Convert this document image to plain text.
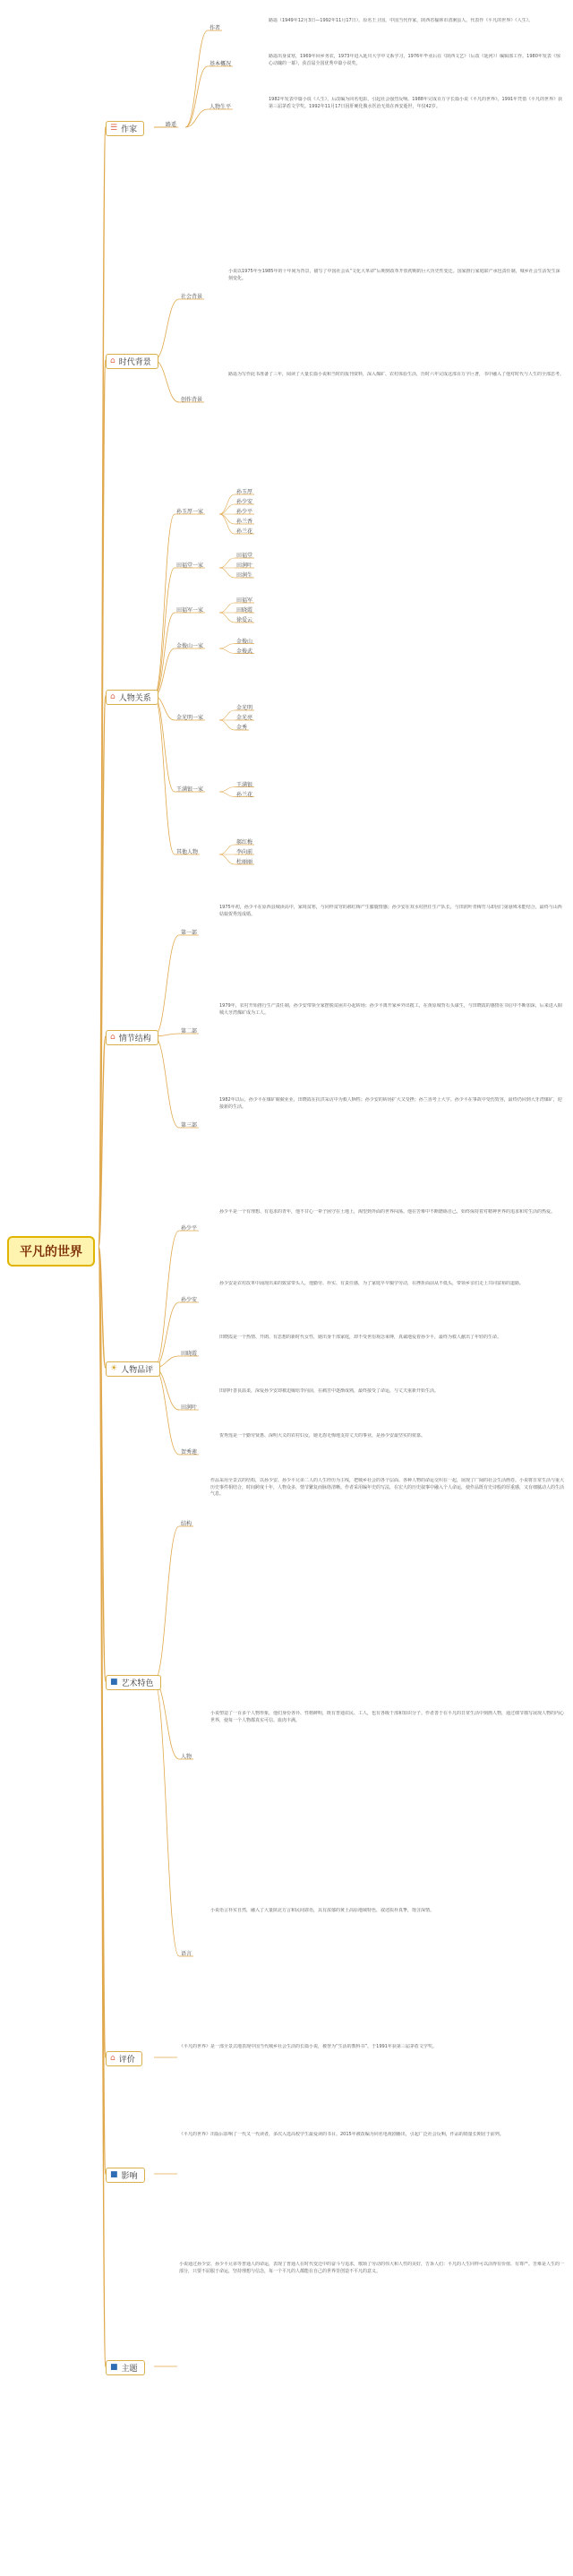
平凡的世界
☰ 作家
⌂ 时代背景
⌂ 人物关系
⌂ 情节结构
☀ 人物品评
■ 艺术特色
⌂ 评价
■ 影响
■ 主题
路遥
作者
路遥（1949年12月3日—1992年11月17日），原名王卫国，中国当代作家，陕西省榆林市清涧县人。代表作《平凡的世界》《人生》。
基本概况
路遥出身贫寒，1969年回乡务农，1973年进入延川大学中文系学习，1976年毕业后在《陕西文艺》（后改《延河》）编辑部工作。1980年发表《惊心动魄的一幕》，获首届全国优秀中篇小说奖。
人物生平
1982年发表中篇小说《人生》，后改编为同名电影，引起社会强烈反响。1988年完成百万字长篇小说《平凡的世界》。1991年凭借《平凡的世界》获第三届茅盾文学奖。1992年11月17日因肝硬化腹水医治无效在西安逝世，年仅42岁。
社会背景
小说以1975年至1985年的十年间为背景，描写了中国社会从“文化大革命”后期到改革开放初期的巨大历史性变迁。国家推行家庭联产承包责任制，城乡社会生活发生深刻变化。
创作背景
路遥为写作此书准备了三年，阅读了大量长篇小说和当时的报刊资料，深入煤矿、农村体验生活，历时六年完成这部百万字巨著，书中融入了他对时代与人生的全部思考。
孙玉厚一家
孙玉厚
孙少安
孙少平
孙兰香
孙兰花
田福堂一家
田福堂
田润叶
田润生
田福军一家
田福军
田晓霞
徐爱云
金俊山一家
金俊山
金俊武
金光明一家
金光明
金光亮
金秀
王满银一家
王满银
孙兰花
其他人物
郝红梅
李向前
杜丽丽
第一部
1975年初，孙少平在原西县城读高中，家境贫寒，与同样贫穷的郝红梅产生朦胧情感；孙少安在双水村担任生产队长，与田润叶青梅竹马却因门第悬殊未能结合，最终与山西姑娘贺秀莲成婚。
第二部
1979年，农村开始推行生产责任制，孙少安带领全家摆脱贫困并办起砖场；孙少平离开家乡外出揽工，在黄原城背石头谋生，与田晓霞的感情在书信中不断加深，后来进入铜城大牙湾煤矿成为工人。
第三部
1982年以后，孙少平在煤矿兢兢业业，田晓霞在抗洪采访中为救人牺牲；孙少安的砖场扩大又受挫；孙兰香考上大学。孙少平在事故中受伤毁容，最终仍回到大牙湾煤矿，迎接新的生活。
孙少平
孙少平是一个有理想、有追求的青年，他不甘心一辈子困守在土地上，渴望到外面的世界闯荡。他在苦难中不断磨砺自己，始终保持着对精神世界的追求和对生活的热爱。
孙少安
孙少安是农村改革中涌现出来的致富带头人，他勤劳、朴实、有责任感，为了家庭早早辍学劳动，在挫折面前从不低头，带领乡亲们走上共同富裕的道路。
田晓霞
田晓霞是一个热情、开朗、有思想的新时代女性，她出身干部家庭，却不受世俗观念束缚，真诚地爱着孙少平，最终为救人献出了年轻的生命。
田润叶
田润叶善良温柔，深爱孙少安却被迫嫁给李向前，在痛苦中逐渐成熟，最终接受了命运，与丈夫重新开始生活。
贺秀莲
贺秀莲是一个勤劳贤惠、深明大义的农村妇女，她无怨无悔地支持丈夫的事业，是孙少安最坚实的依靠。
结构
作品采用全景式的结构，以孙少安、孙少平兄弟二人的人生经历为主线，把城乡社会的各个层面、各种人物的命运交织在一起，展现了广阔的社会生活画卷。小说将日常生活与重大历史事件相结合，时间跨度十年，人物众多，情节繁复而脉络清晰。作者采用编年史的写法，在宏大的历史叙事中融入个人命运，使作品既有史诗般的厚重感，又有细腻动人的生活气息。
人物
小说塑造了一百多个人物形象，他们身份各异、性格鲜明，既有普通农民、工人，也有各级干部和知识分子。作者善于在平凡的日常生活中刻画人物，通过细节描写展现人物的内心世界，使每一个人物都真实可信、血肉丰满。
语言
小说语言朴实自然，融入了大量陕北方言和民间谚语，具有浓郁的黄土高原地域特色，叙述质朴真挚，饱含深情。
《平凡的世界》是一部全景式地表现中国当代城乡社会生活的长篇小说，被誉为“生活的教科书”，于1991年获第三届茅盾文学奖。
《平凡的世界》出版后影响了一代又一代读者，多次入选高校学生最爱读的书目。2015年被改编为同名电视剧播出，引起广泛社会反响，作品的销量长期居于前列。
小说通过孙少安、孙少平兄弟等普通人的命运，表现了普通人在时代变迁中的奋斗与追求，歌颂了劳动的伟大和人性的美好，告诉人们：平凡的人生同样可以活得有价值、有尊严。苦难是人生的一部分，只要不屈服于命运，坚持理想与信念，每一个平凡的人都能在自己的世界里创造不平凡的意义。
